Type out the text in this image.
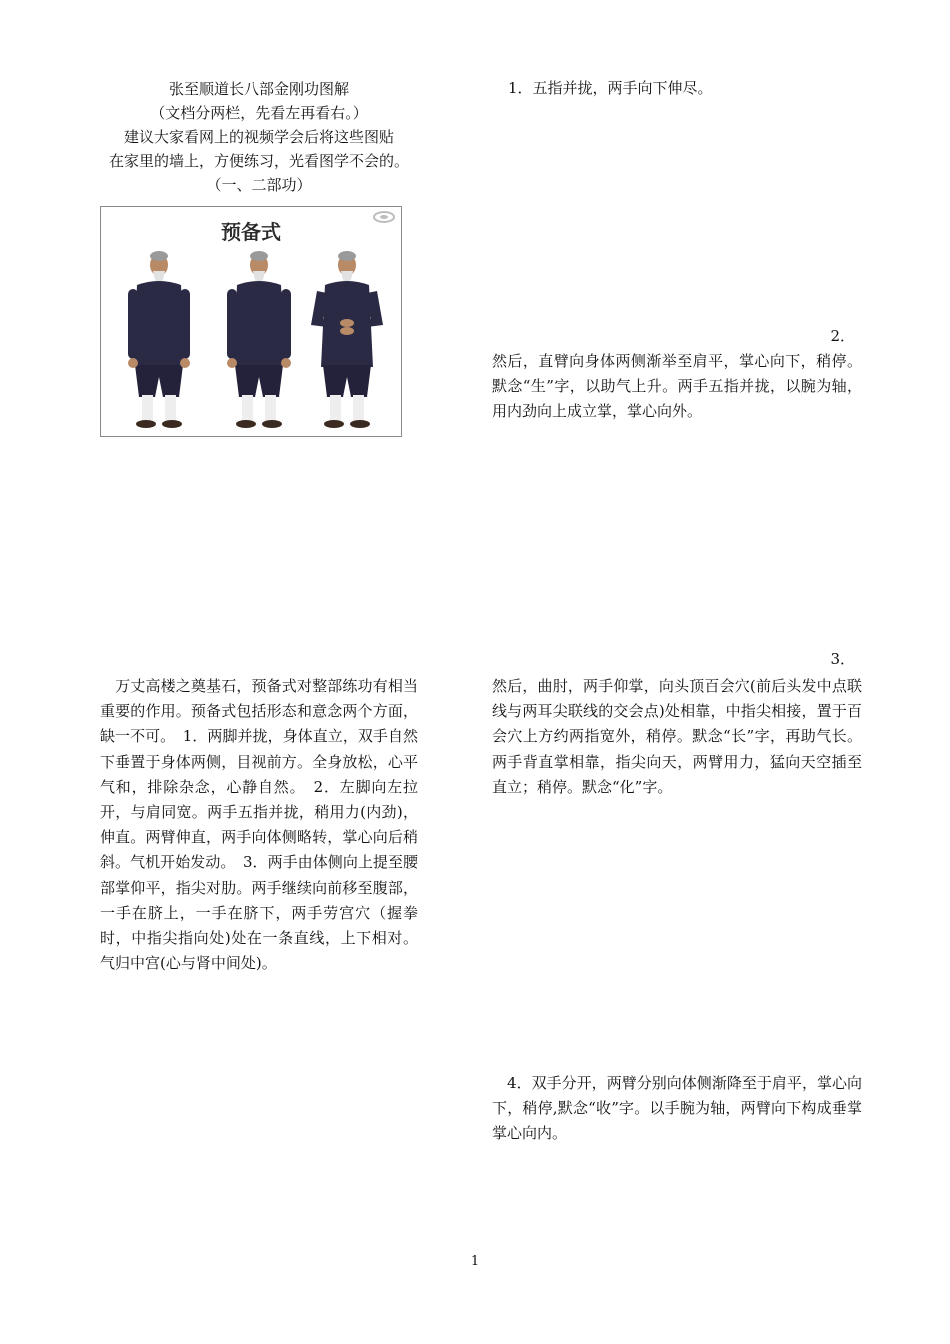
张至顺道长八部金刚功图解
（文档分两栏，先看左再看右。）
建议大家看网上的视频学会后将这些图贴
在家里的墙上，方便练习，光看图学不会的。
（一、二部功）
预备式

　万丈高楼之奠基石，预备式对整部练功有相当重要的作用。预备式包括形态和意念两个方面，缺一不可。　1．两脚并拢，身体直立，双手自然下垂置于身体两侧，目视前方。全身放松，心平气和，排除杂念，心静自然。　2．左脚向左拉开，与肩同宽。两手五指并拢，稍用力(内劲)，伸直。两臂伸直，两手向体侧略转，掌心向后稍斜。气机开始发动。　3．两手由体侧向上提至腰部掌仰平，指尖对肋。两手继续向前移至腹部，一手在脐上，一手在脐下，两手劳宫穴（握拳时，中指尖指向处)处在一条直线，上下相对。气归中宫(心与肾中间处)。

1．五指并拢，两手向下伸尽。

2．

然后，直臂向身体两侧渐举至肩平，掌心向下，稍停。默念“生”字，以助气上升。两手五指并拢，以腕为轴，用内劲向上成立掌，掌心向外。

3．

然后，曲肘，两手仰掌，向头顶百会穴(前后头发中点联线与两耳尖联线的交会点)处相靠，中指尖相接，置于百会穴上方约两指宽外，稍停。默念“长”字，再助气长。两手背直掌相靠，指尖向天，两臂用力，猛向天空插至直立；稍停。默念“化”字。

　4．双手分开，两臂分别向体侧渐降至于肩平，掌心向下，稍停,默念“收”字。以手腕为轴，两臂向下构成垂掌掌心向内。

1
